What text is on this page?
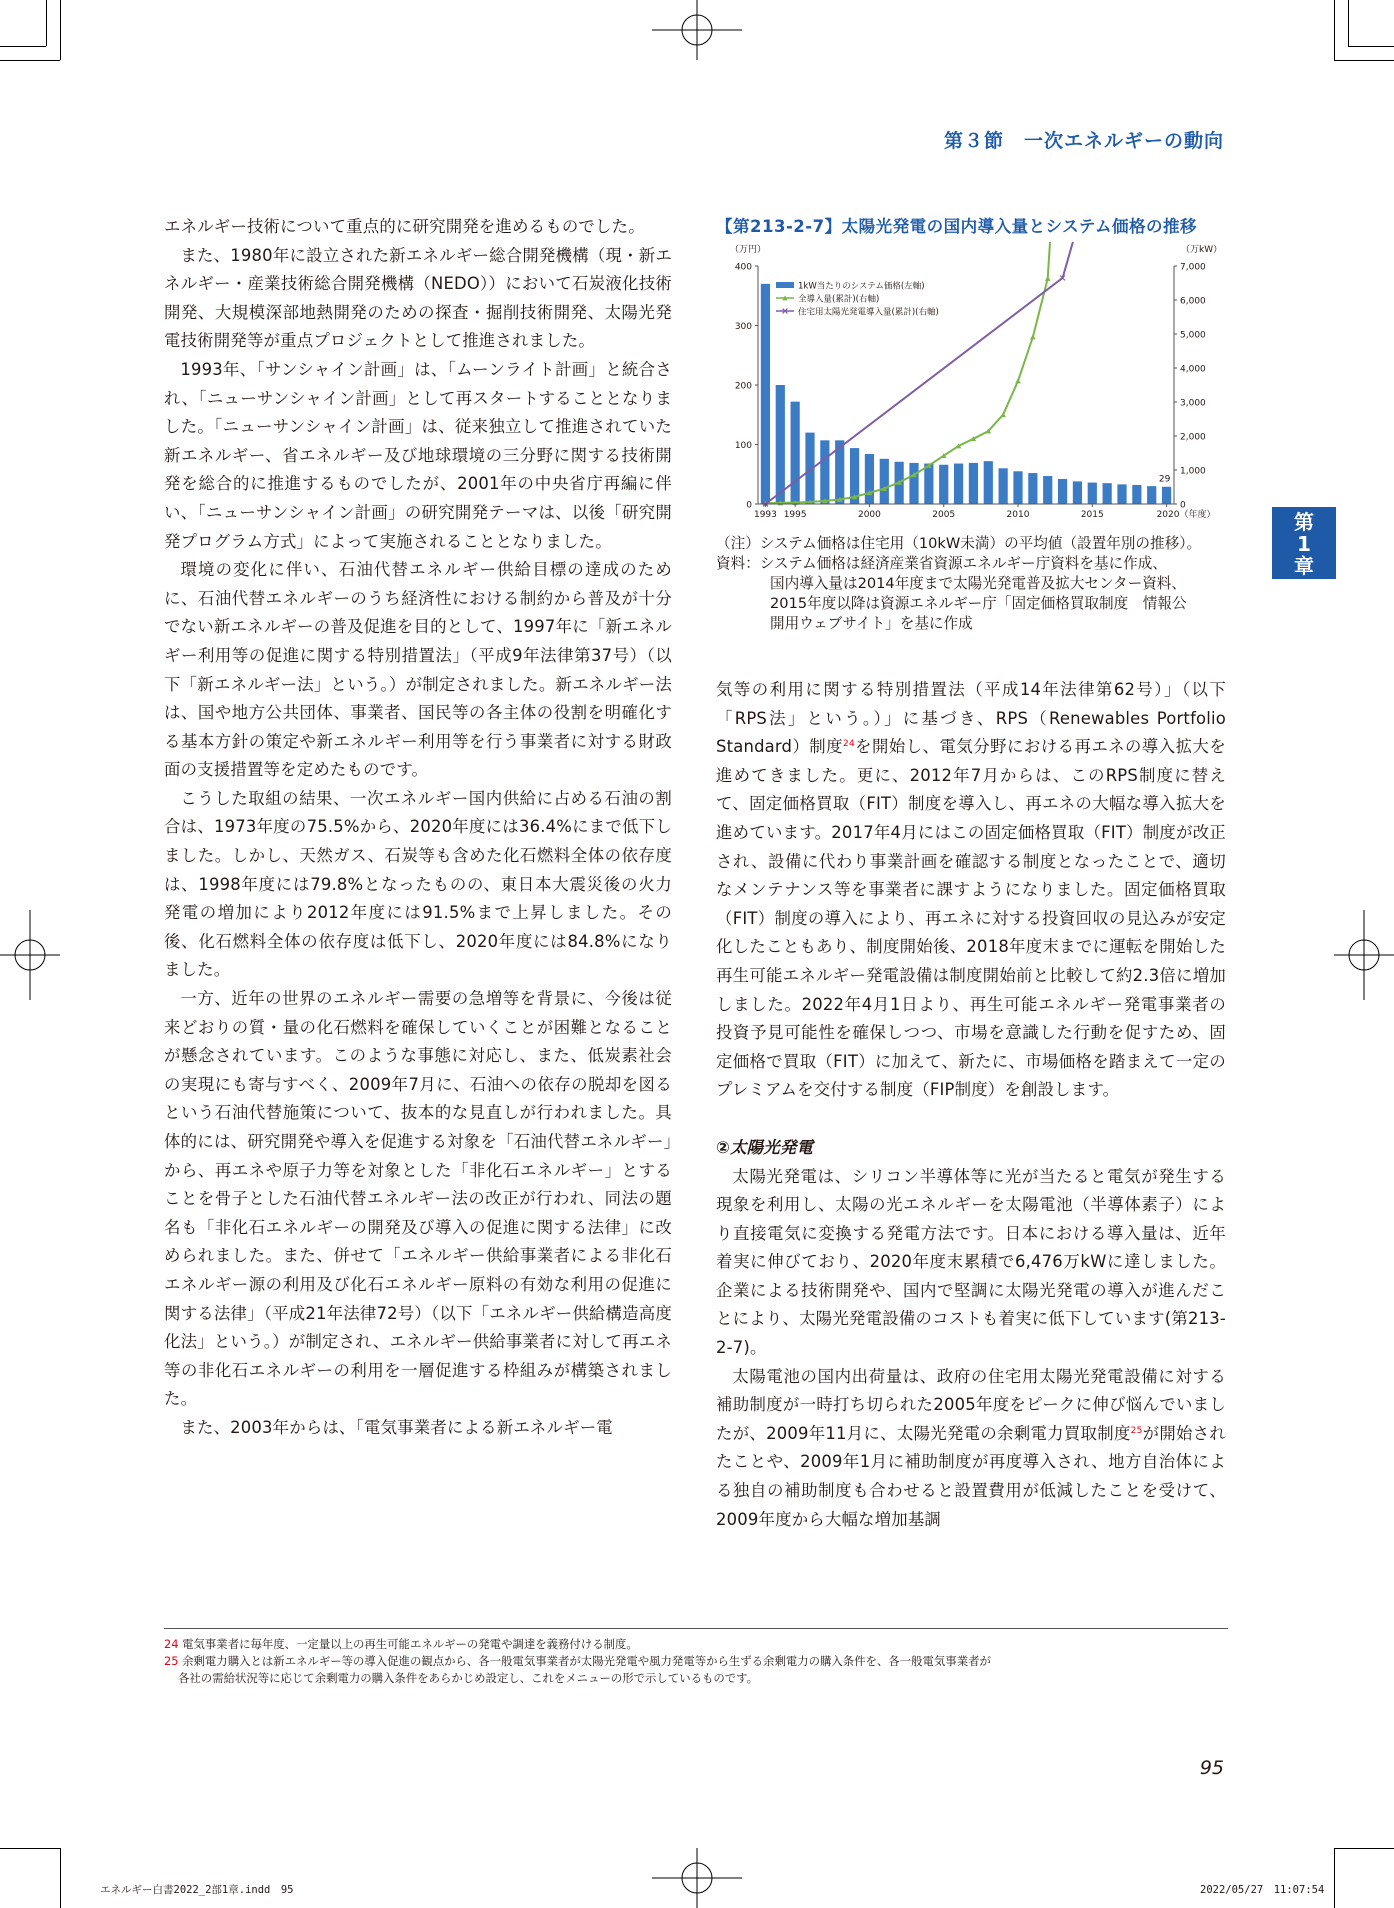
第３節　一次エネルギーの動向
第
1
章

エネルギー技術について重点的に研究開発を進めるものでした。

また、1980年に設立された新エネルギー総合開発機構（現・新エネルギー・産業技術総合開発機構（NEDO））において石炭液化技術開発、大規模深部地熱開発のための探査・掘削技術開発、太陽光発電技術開発等が重点プロジェクトとして推進されました。

1993年、「サンシャイン計画」は、「ムーンライト計画」と統合され、「ニューサンシャイン計画」として再スタートすることとなりました。「ニューサンシャイン計画」は、従来独立して推進されていた新エネルギー、省エネルギー及び地球環境の三分野に関する技術開発を総合的に推進するものでしたが、2001年の中央省庁再編に伴い、「ニューサンシャイン計画」の研究開発テーマは、以後「研究開発プログラム方式」によって実施されることとなりました。

環境の変化に伴い、石油代替エネルギー供給目標の達成のために、石油代替エネルギーのうち経済性における制約から普及が十分でない新エネルギーの普及促進を目的として、1997年に「新エネルギー利用等の促進に関する特別措置法」（平成9年法律第37号）（以下「新エネルギー法」という。）が制定されました。新エネルギー法は、国や地方公共団体、事業者、国民等の各主体の役割を明確化する基本方針の策定や新エネルギー利用等を行う事業者に対する財政面の支援措置等を定めたものです。

こうした取組の結果、一次エネルギー国内供給に占める石油の割合は、1973年度の75.5%から、2020年度には36.4%にまで低下しました。しかし、天然ガス、石炭等も含めた化石燃料全体の依存度は、1998年度には79.8%となったものの、東日本大震災後の火力発電の増加により2012年度には91.5%まで上昇しました。その後、化石燃料全体の依存度は低下し、2020年度には84.8%になりました。

一方、近年の世界のエネルギー需要の急増等を背景に、今後は従来どおりの質・量の化石燃料を確保していくことが困難となることが懸念されています。このような事態に対応し、また、低炭素社会の実現にも寄与すべく、2009年7月に、石油への依存の脱却を図るという石油代替施策について、抜本的な見直しが行われました。具体的には、研究開発や導入を促進する対象を「石油代替エネルギー」から、再エネや原子力等を対象とした「非化石エネルギー」とすることを骨子とした石油代替エネルギー法の改正が行われ、同法の題名も「非化石エネルギーの開発及び導入の促進に関する法律」に改められました。また、併せて「エネルギー供給事業者による非化石エネルギー源の利用及び化石エネルギー原料の有効な利用の促進に関する法律」（平成21年法律72号）（以下「エネルギー供給構造高度化法」という。）が制定され、エネルギー供給事業者に対して再エネ等の非化石エネルギーの利用を一層促進する枠組みが構築されました。

また、2003年からは、「電気事業者による新エネルギー電

【第213-2-7】太陽光発電の国内導入量とシステム価格の推移
（万円）	（万kW）
0
100
200
300
400
0
1,000
2,000
3,000
4,000
5,000
6,000
7,000
1993 1995	2000	2005	2010	2015	2020（年度）
1kW当たりのシステム価格(左軸)
全導入量(累計)(右軸)
住宅用太陽光発電導入量(累計)(右軸)
29
（注）システム価格は住宅用（10kW未満）の平均値（設置年別の推移）。
資料：システム価格は経済産業省資源エネルギー庁資料を基に作成、
国内導入量は2014年度まで太陽光発電普及拡大センター資料、
2015年度以降は資源エネルギー庁「固定価格買取制度　情報公
開用ウェブサイト」を基に作成

気等の利用に関する特別措置法（平成14年法律第62号）」（以下「RPS法」という。）」に基づき、RPS（Renewables Portfolio Standard）制度$^{24}$を開始し、電気分野における再エネの導入拡大を進めてきました。更に、2012年7月からは、このRPS制度に替えて、固定価格買取（FIT）制度を導入し、再エネの大幅な導入拡大を進めています。2017年4月にはこの固定価格買取（FIT）制度が改正され、設備に代わり事業計画を確認する制度となったことで、適切なメンテナンス等を事業者に課すようになりました。固定価格買取（FIT）制度の導入により、再エネに対する投資回収の見込みが安定化したこともあり、制度開始後、2018年度末までに運転を開始した再生可能エネルギー発電設備は制度開始前と比較して約2.3倍に増加しました。2022年4月1日より、再生可能エネルギー発電事業者の投資予見可能性を確保しつつ、市場を意識した行動を促すため、固定価格で買取（FIT）に加えて、新たに、市場価格を踏まえて一定のプレミアムを交付する制度（FIP制度）を創設します。

②太陽光発電

太陽光発電は、シリコン半導体等に光が当たると電気が発生する現象を利用し、太陽の光エネルギーを太陽電池（半導体素子）により直接電気に変換する発電方法です。日本における導入量は、近年着実に伸びており、2020年度末累積で6,476万kWに達しました。企業による技術開発や、国内で堅調に太陽光発電の導入が進んだことにより、太陽光発電設備のコストも着実に低下しています(第213-2-7)。

太陽電池の国内出荷量は、政府の住宅用太陽光発電設備に対する補助制度が一時打ち切られた2005年度をピークに伸び悩んでいましたが、2009年11月に、太陽光発電の余剰電力買取制度$^{25}$が開始されたことや、2009年1月に補助制度が再度導入され、地方自治体による独自の補助制度も合わせると設置費用が低減したことを受けて、2009年度から大幅な増加基調

24 電気事業者に毎年度、一定量以上の再生可能エネルギーの発電や調達を義務付ける制度。
25 余剰電力購入とは新エネルギー等の導入促進の観点から、各一般電気事業者が太陽光発電や風力発電等から生ずる余剰電力の購入条件を、各一般電気事業者が
各社の需給状況等に応じて余剰電力の購入条件をあらかじめ設定し、これをメニューの形で示しているものです。
95
エネルギー白書2022_2部1章.indd　95	2022/05/27　11:07:54
